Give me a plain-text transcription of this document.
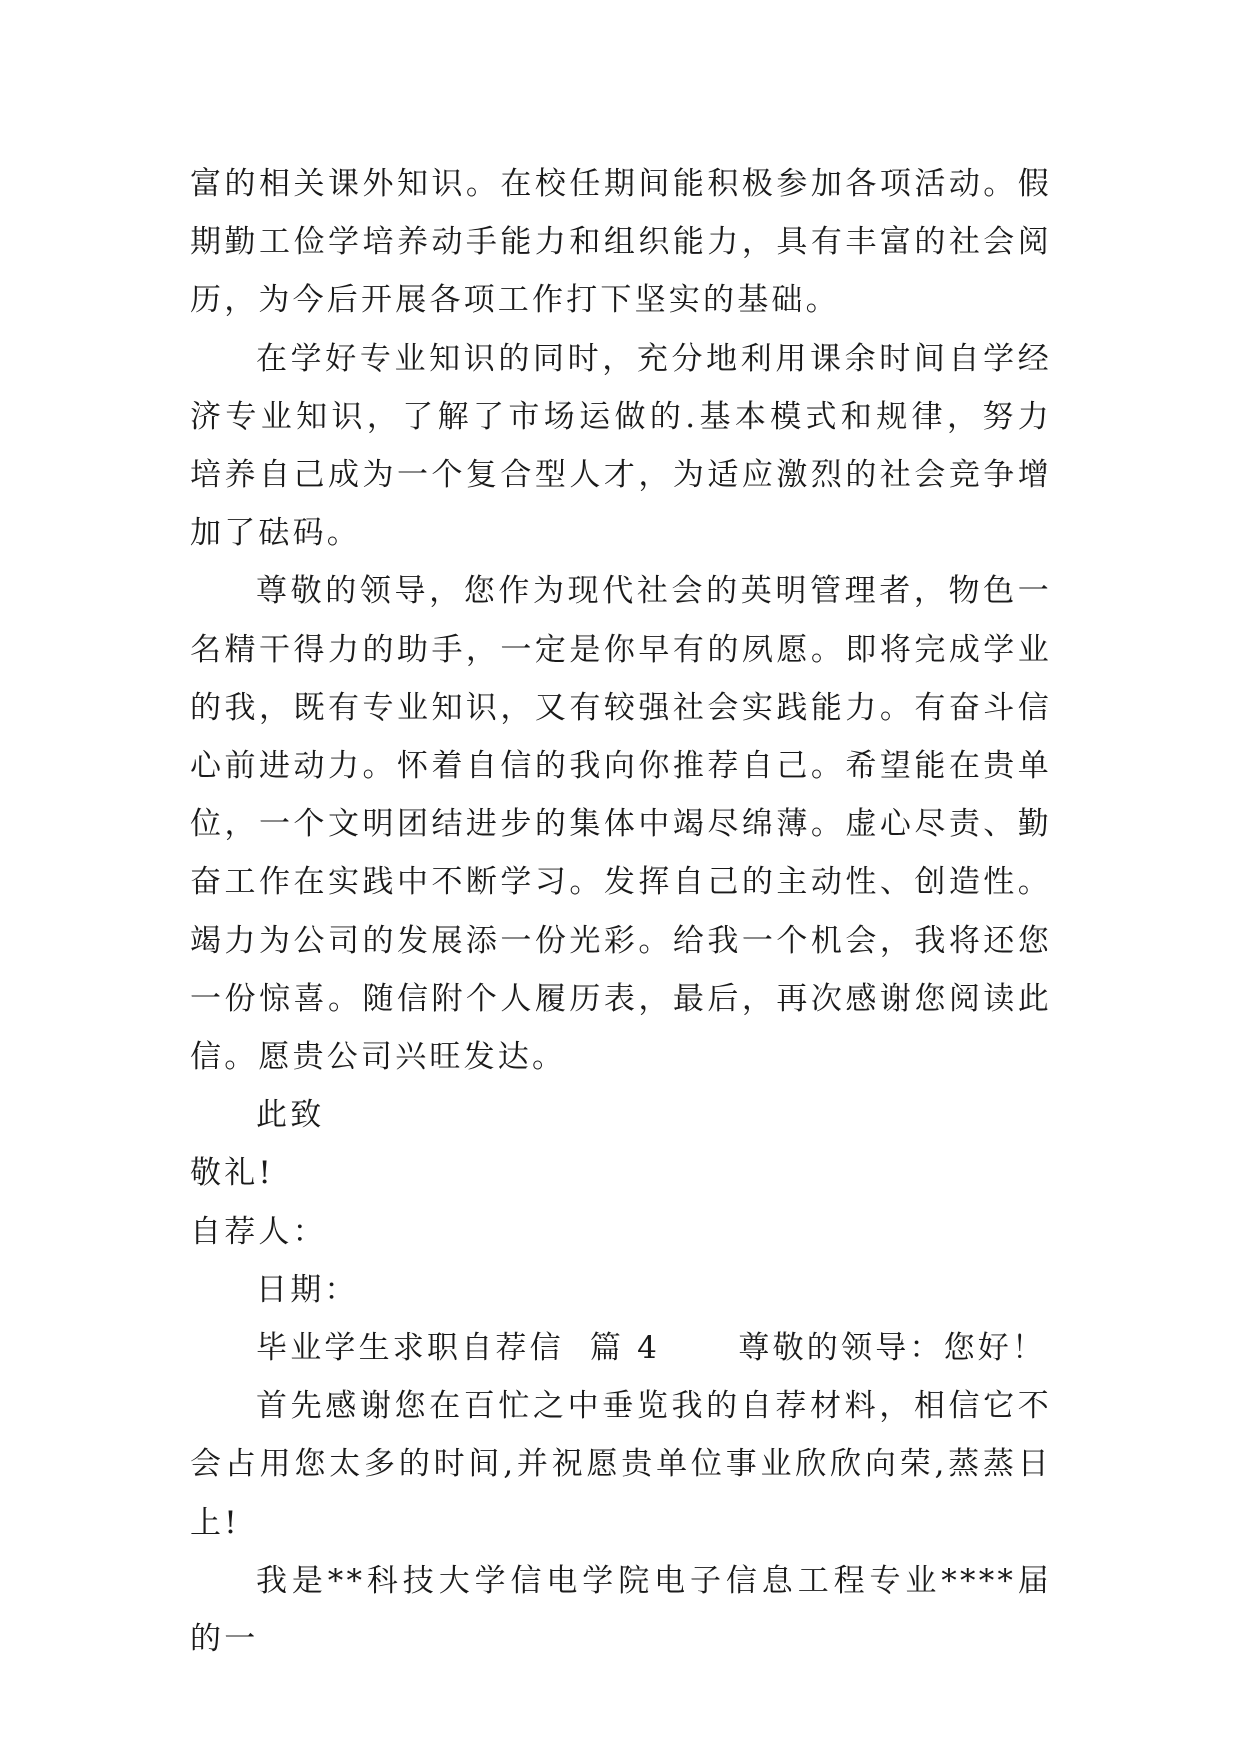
富的相关课外知识。在校任期间能积极参加各项活动。假期勤工俭学培养动手能力和组织能力，具有丰富的社会阅历，为今后开展各项工作打下坚实的基础。

在学好专业知识的同时，充分地利用课余时间自学经济专业知识，了解了市场运做的.基本模式和规律，努力培养自己成为一个复合型人才，为适应激烈的社会竞争增加了砝码。

尊敬的领导，您作为现代社会的英明管理者，物色一名精干得力的助手，一定是你早有的夙愿。即将完成学业的我，既有专业知识，又有较强社会实践能力。有奋斗信心前进动力。怀着自信的我向你推荐自己。希望能在贵单位，一个文明团结进步的集体中竭尽绵薄。虚心尽责、勤奋工作在实践中不断学习。发挥自己的主动性、创造性。竭力为公司的发展添一份光彩。给我一个机会，我将还您一份惊喜。随信附个人履历表，最后，再次感谢您阅读此信。愿贵公司兴旺发达。

此致

敬礼!

自荐人：

日期：

毕业学生求职自荐信  篇 4      尊敬的领导：您好！

首先感谢您在百忙之中垂览我的自荐材料，相信它不会占用您太多的时间,并祝愿贵单位事业欣欣向荣,蒸蒸日上!

我是**科技大学信电学院电子信息工程专业****届的一
